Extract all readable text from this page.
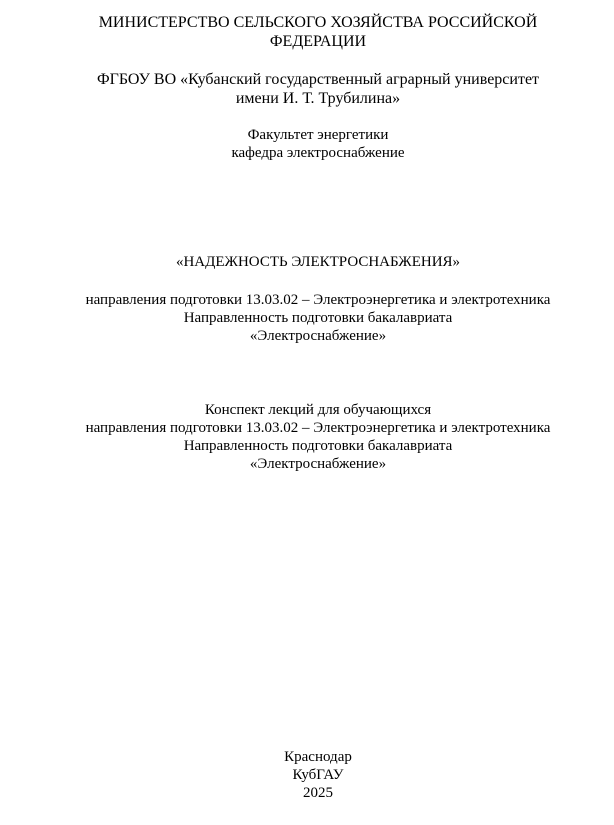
МИНИСТЕРСТВО СЕЛЬСКОГО ХОЗЯЙСТВА РОССИЙСКОЙ
ФЕДЕРАЦИИ
ФГБОУ ВО «Кубанский государственный аграрный университет
имени И. Т. Трубилина»
Факультет энергетики
кафедра электроснабжение
«НАДЕЖНОСТЬ ЭЛЕКТРОСНАБЖЕНИЯ»
направления подготовки 13.03.02 – Электроэнергетика и электротехника
Направленность подготовки бакалавриата
«Электроснабжение»
Конспект лекций для обучающихся
направления подготовки 13.03.02 – Электроэнергетика и электротехника
Направленность подготовки бакалавриата
«Электроснабжение»
Краснодар
КубГАУ
2025
